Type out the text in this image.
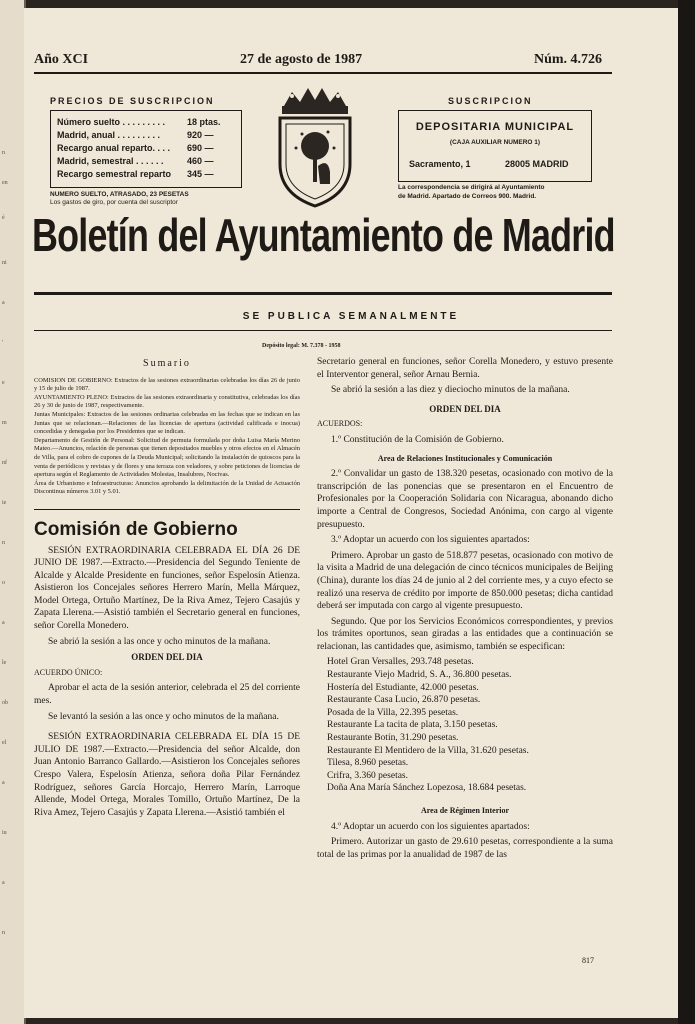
n
en
é
ni
a
'
e
m
nf
ie
n
o
a
le
ob
el
a
iu
a
n
Año XCI	27 de agosto de 1987	Núm. 4.726
PRECIOS DE SUSCRIPCION
Número suelto . . . . . . . . . 18 ptas.
Madrid, anual . . . . . . . . .	920 —
Recargo anual reparto. . . . 690 —
Madrid, semestral . . . . . .	460 —
Recargo semestral reparto 345 —
NUMERO SUELTO, ATRASADO, 23 PESETAS
Los gastos de giro, por cuenta del suscriptor
SUSCRIPCION
DEPOSITARIA MUNICIPAL
(CAJA AUXILIAR NUMERO 1)
Sacramento, 1	28005 MADRID
La correspondencia se dirigirá al Ayuntamiento
de Madrid. Apartado de Correos 900. Madrid.
Boletín del Ayuntamiento de Madrid
SE PUBLICA SEMANALMENTE
Depósito legal: M. 7.378 - 1958
Sumario

COMISION DE GOBIERNO: Extractos de las sesiones extraordinarias celebradas los días 26 de junio y 15 de julio de 1987.

AYUNTAMIENTO PLENO: Extractos de las sesiones extraordinaria y constitutiva, celebradas los días 26 y 30 de junio de 1987, respectivamente.

Juntas Municipales: Extractos de las sesiones ordinarias celebradas en las fechas que se indican en las Juntas que se relacionan.—Relaciones de las licencias de apertura (actividad calificada e inocua) concedidas y denegadas por los Presidentes que se indican.

Departamento de Gestión de Personal: Solicitud de permuta formulada por doña Luisa María Merino Mateo.—Anuncios, relación de personas que tienen depositados muebles y otros efectos en el Almacén de Villa, para el cobro de cupones de la Deuda Municipal; solicitando la instalación de quioscos para la venta de periódicos y revistas y de flores y una terraza con veladores, y sobre peticiones de licencias de apertura según el Reglamento de Actividades Molestas, Insalubres, Nocivas.

Área de Urbanismo e Infraestructuras: Anuncios aprobando la delimitación de la Unidad de Actuación Discontinua números 3.01 y 5.01.

Comisión de Gobierno

SESIÓN EXTRAORDINARIA CELEBRADA EL DÍA 26 DE JUNIO DE 1987.—Extracto.—Presidencia del Segundo Teniente de Alcalde y Alcalde Presidente en funciones, señor Espelosín Atienza. Asistieron los Concejales señores Herrero Marín, Mella Márquez, Model Ortega, Ortuño Martínez, De la Riva Amez, Tejero Casajús y Zapata Llerena.—Asistió también el Secretario general en funciones, señor Corella Monedero.

Se abrió la sesión a las once y ocho minutos de la mañana.

ORDEN DEL DIA

ACUERDO ÚNICO:

Aprobar el acta de la sesión anterior, celebrada el 25 del corriente mes.

Se levantó la sesión a las once y ocho minutos de la mañana.

SESIÓN EXTRAORDINARIA CELEBRADA EL DÍA 15 DE JULIO DE 1987.—Extracto.—Presidencia del señor Alcalde, don Juan Antonio Barranco Gallardo.—Asistieron los Concejales señores Crespo Valera, Espelosín Atienza, señora doña Pilar Fernández Rodríguez, señores García Horcajo, Herrero Marín, Larroque Allende, Model Ortega, Morales Tomillo, Ortuño Martínez, De la Riva Amez, Tejero Casajús y Zapata Llerena.—Asistió también el

Secretario general en funciones, señor Corella Monedero, y estuvo presente el Interventor general, señor Arnau Bernia.

Se abrió la sesión a las diez y dieciocho minutos de la mañana.

ORDEN DEL DIA

ACUERDOS:

1.º Constitución de la Comisión de Gobierno.

Area de Relaciones Institucionales y Comunicación

2.º Convalidar un gasto de 138.320 pesetas, ocasionado con motivo de la transcripción de las ponencias que se presentaron en el Encuentro de Profesionales por la Cooperación Solidaria con Nicaragua, abonando dicho importe a Central de Congresos, Sociedad Anónima, con cargo al vigente presupuesto.

3.º Adoptar un acuerdo con los siguientes apartados:

Primero. Aprobar un gasto de 518.877 pesetas, ocasionado con motivo de la visita a Madrid de una delegación de cinco técnicos municipales de Beijing (China), durante los días 24 de junio al 2 del corriente mes, y a cuyo efecto se realizó una reserva de crédito por importe de 850.000 pesetas; dicha cantidad deberá ser imputada con cargo al vigente presupuesto.

Segundo. Que por los Servicios Económicos correspondientes, y previos los trámites oportunos, sean giradas a las entidades que a continuación se relacionan, las cantidades que, asimismo, también se especifican:

Hotel Gran Versalles, 293.748 pesetas.

Restaurante Viejo Madrid, S. A., 36.800 pesetas.

Hostería del Estudiante, 42.000 pesetas.

Restaurante Casa Lucio, 26.870 pesetas.

Posada de la Villa, 22.395 pesetas.

Restaurante La tacita de plata, 3.150 pesetas.

Restaurante Botín, 31.290 pesetas.

Restaurante El Mentidero de la Villa, 31.620 pesetas.

Tilesa, 8.960 pesetas.

Crifra, 3.360 pesetas.

Doña Ana María Sánchez Lopezosa, 18.684 pesetas.

Area de Régimen Interior

4.º Adoptar un acuerdo con los siguientes apartados:

Primero. Autorizar un gasto de 29.610 pesetas, correspondiente a la suma total de las primas por la anualidad de 1987 de las

817
